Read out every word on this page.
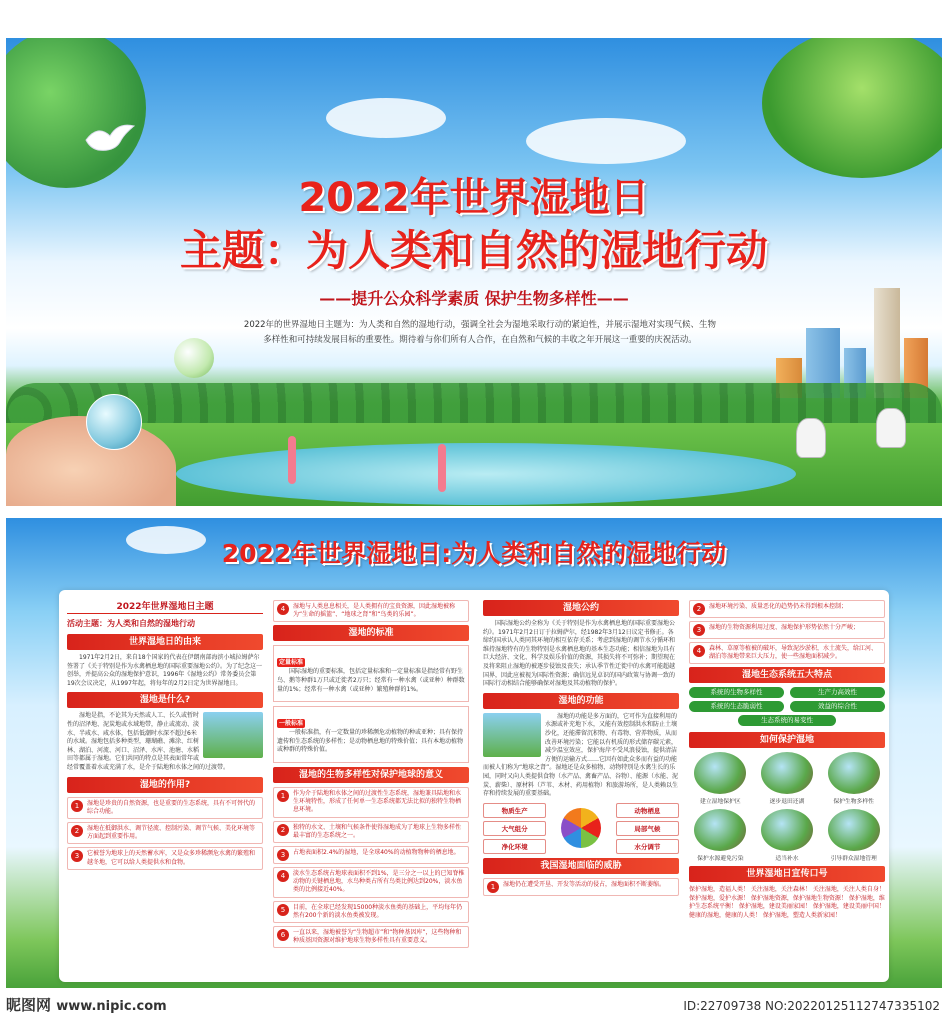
2022年世界湿地日
主题：为人类和自然的湿地行动
——提升公众科学素质 保护生物多样性——
2022年的世界湿地日主题为：为人类和自然的湿地行动，强调全社会为湿地采取行动的紧迫性，并展示湿地对实现气候、生物多样性和可持续发展目标的重要性。期待着与你们所有人合作，在自然和气候的丰收之年开展这一重要的庆祝活动。
2022年世界湿地日:为人类和自然的湿地行动
2022年世界湿地日主题
活动主题：为人类和自然的湿地行动
世界湿地日的由来
1971年2月2日，来自18个国家的代表在伊朗南部海滨小城拉姆萨尔签署了《关于特别是作为水禽栖息地的国际重要湿地公约》。为了纪念这一创举，并提高公众的湿地保护意识，1996年《湿地公约》常务委员会第19次会议决定，从1997年起，将每年的2月2日定为世界湿地日。
湿地是什么?
湿地是指，不论其为天然或人工、长久或暂时性的沼泽地、泥炭地或水域地带，静止或流动、淡水、半咸水、咸水体，包括低潮时水深不超过6米的水域。湿地包括多种类型，珊瑚礁、滩涂、红树林、湖泊、河流、河口、沼泽、水库、池塘、水稻田等都属于湿地。它们共同的特点是其表面常年或经常覆盖着水或充满了水，是介于陆地和水体之间的过渡带。
湿地的作用?
1	湿地是珍贵的自然资源，也是重要的生态系统，具有不可替代的综合功能。
2	湿地在抵御洪水、调节径流、控制污染、调节气候、美化环境等方面起到重要作用。
3	它被誉为地球上的天然蓄水库，又是众多珍稀濒危水禽的繁殖和越冬地，它可以给人类提供水和食物。
4	湿地与人类息息相关，是人类拥有的宝贵资源，因此湿地被称为“生命的摇篮”、“地球之肾”和“鸟类的乐园”。
湿地的标准
定量标准
国际湿地的重要标准，包括定量标准和一定量标准是指经常有野生鸟、鹅等种群1万只或迁徙者2万只；经常有一种水禽（或亚种）种群数量的1%；经常有一种水禽（或亚种）繁殖种群的1%。
一般标准
一般标准指，有一定数量的珍稀濒危动植物的种或亚种；具有保持遗传和生态系统的多样性；是动物栖息地的特殊价值；具有本地动植物或种群的特殊价值。
湿地的生物多样性对保护地球的意义
1	作为介于陆地和水体之间的过渡性生态系统，湿地兼具陆地和水生环境特性，形成了任何单一生态系统都无法比拟的独特生物栖息环境。
2	独特的水文、土壤和气候条件使得湿地成为了地球上生物多样性最丰富的生态系统之一。
3	占地表面积2.4%的湿地，是全球40%的动植物物种的栖息地。
4	淡水生态系统占地球表面积不到1%，是三分之一以上的已知脊椎动物的关键栖息地，水鸟种类占所有鸟类比例达到20%，淡水鱼类的比例接近40%。
5	目前，在全球已经发现15000种淡水鱼类的基础上，平均每年仍然有200个新的淡水鱼类被发现。
6	一直以来，湿地被誉为“生物超市”和“物种基因库”，这些物种和种质基因资源对维护地球生物多样性具有重要意义。
湿地公约
国际湿地公约全称为《关于特别是作为水禽栖息地的国际重要湿地公约》。1971年2月2日订于拉姆萨尔，经1982年3月12日议定书修正。各缔约国承认人类同其环境的相互依存关系；考虑到湿地的调节水分循环和维持湿地特有的生物特别是水禽栖息地的基本生态功能；相信湿地为具有巨大经济、文化、科学及娱乐价值的资源，其损失将不可弥补；期望现在及将来阻止湿地的被逐步侵蚀及丧失；承认季节性迁徙中的水禽可能超越国界，因此应被视为国际性资源；确信远见卓识的国内政策与协调一致的国际行动相结合能够确保对湿地及其动植物的保护。
湿地的功能
湿地的功能是多方面的，它可作为直接利用的水源或补充地下水，又能有效控制洪水和防止土壤沙化，还能滞留沉积物、有毒物、营养物质，从而改善环境污染；它能以有机质的形式储存碳元素，减少温室效应，保护海岸不受风浪侵蚀，提供清洁方便的运输方式……它因有如此众多而有益的功能而被人们称为“地球之肾”。湿地还是众多植物、动物特别是水禽生长的乐园，同时又向人类提供食物（水产品、禽畜产品、谷物）、能源（水能、泥炭、薪柴）、原材料（芦苇、木材、药用植物）和旅游场所，是人类赖以生存和持续发展的重要基础。
物质生产	动物栖息
大气组分	局部气候
净化环境	水分调节
我国湿地面临的威胁
1	湿地仍在遭受开垦、开发等活动的侵占，湿地面积不断萎缩。
2	湿地环境污染、质量恶化的趋势仍未得到根本控制；
3	湿地的生物资源利用过度、湿地保护形势依然十分严峻；
4	森林、草原等植被的破坏，导致泥沙淤积，水土流失，给江河、湖泊等湿地带来巨大压力，使一些湿地面积减少。
湿地生态系统五大特点
系统的生物多样性	生产力高效性
系统的生态脆弱性	效益的综合性
生态系统的易变性
如何保护湿地
建立湿地保护区	逐步退田还湖	保护生物多样性
保护水源避免污染	适当补水	引导群众湿地管理
世界湿地日宣传口号
保护湿地，造福人类！ 关注湿地，关注森林！ 关注湿地，关注人类自身！ 保护湿地，爱护水源！ 保护湿地资源，保护湿地生物资源！ 保护湿地，维护生态系统平衡！ 保护湿地，建设美丽家园！ 保护湿地，建设美丽中国！ 健康的湿地，健康的人类！ 保护湿地，塑造人类新家园！
昵图网 www.nipic.com	ID:22709738 NO:20220125112747335102
